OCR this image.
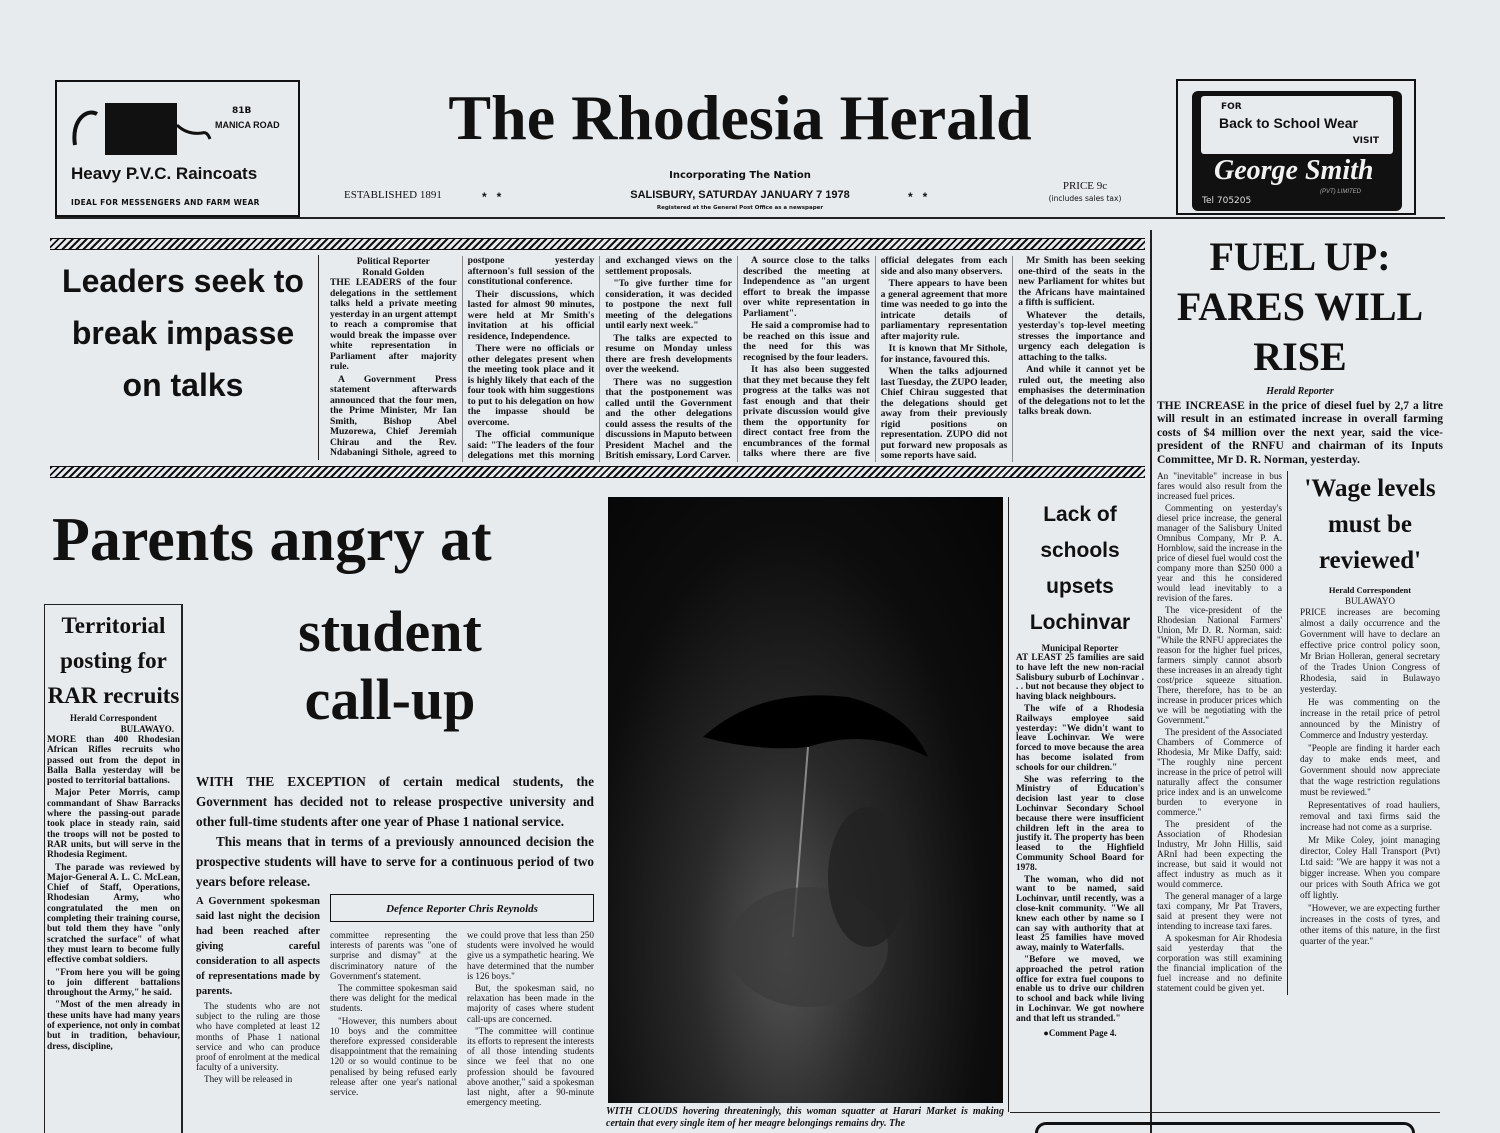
81B
MANICA ROAD
Heavy P.V.C. Raincoats
IDEAL FOR MESSENGERS AND FARM WEAR
The Rhodesia Herald
Incorporating The Nation
ESTABLISHED 1891	*   *	SALISBURY, SATURDAY JANUARY 7 1978
Registered at the General Post Office as a newspaper
*   *
PRICE 9c
(includes sales tax)
FOR
Back to School Wear
VISIT
George Smith
(PVT) LIMITED
Tel 705205
Leaders seek to break impasse on talks
Political Reporter
Ronald Golden

THE LEADERS of the four delegations in the settlement talks held a private meeting yesterday in an urgent attempt to reach a compromise that would break the impasse over white representation in Parliament after majority rule.

A Government Press statement afterwards announced that the four men, the Prime Minister, Mr Ian Smith, Bishop Abel Muzorewa, Chief Jeremiah Chirau and the Rev. Ndabaningi Sithole, agreed to postpone yesterday afternoon's full session of the constitutional conference.

Their discussions, which lasted for almost 90 minutes, were held at Mr Smith's invitation at his official residence, Independence.

There were no officials or other delegates present when the meeting took place and it is highly likely that each of the four took with him suggestions to put to his delegation on how the impasse should be overcome.

The official communique said: "The leaders of the four delegations met this morning and exchanged views on the settlement proposals.

"To give further time for consideration, it was decided to postpone the next full meeting of the delegations until early next week."

The talks are expected to resume on Monday unless there are fresh developments over the weekend.

There was no suggestion that the postponement was called until the Government and the other delegations could assess the results of the discussions in Maputo between President Machel and the British emissary, Lord Carver.

A source close to the talks described the meeting at Independence as "an urgent effort to break the impasse over white representation in Parliament".

He said a compromise had to be reached on this issue and the need for this was recognised by the four leaders.

It has also been suggested that they met because they felt progress at the talks was not fast enough and that their private discussion would give them the opportunity for direct contact free from the encumbrances of the formal talks where there are five official delegates from each side and also many observers.

There appears to have been a general agreement that more time was needed to go into the intricate details of parliamentary representation after majority rule.

It is known that Mr Sithole, for instance, favoured this.

When the talks adjourned last Tuesday, the ZUPO leader, Chief Chirau suggested that the delegations should get away from their previously rigid positions on representation. ZUPO did not put forward new proposals as some reports have said.

Mr Smith has been seeking one-third of the seats in the new Parliament for whites but the Africans have maintained a fifth is sufficient.

Whatever the details, yesterday's top-level meeting stresses the importance and urgency each delegation is attaching to the talks.

And while it cannot yet be ruled out, the meeting also emphasises the determination of the delegations not to let the talks break down.

FUEL UP: FARES WILL RISE
Herald Reporter
THE INCREASE in the price of diesel fuel by 2,7 a litre will result in an estimated increase in overall farming costs of $4 million over the next year, said the vice-president of the RNFU and chairman of its Inputs Committee, Mr D. R. Norman, yesterday.

An "inevitable" increase in bus fares would also result from the increased fuel prices.

Commenting on yesterday's diesel price increase, the general manager of the Salisbury United Omnibus Company, Mr P. A. Hornblow, said the increase in the price of diesel fuel would cost the company more than $250 000 a year and this he considered would lead inevitably to a revision of the fares.

The vice-president of the Rhodesian National Farmers' Union, Mr D. R. Norman, said: "While the RNFU appreciates the reason for the higher fuel prices, farmers simply cannot absorb these increases in an already tight cost/price squeeze situation. There, therefore, has to be an increase in producer prices which we will be negotiating with the Government."

The president of the Associated Chambers of Commerce of Rhodesia, Mr Mike Daffy, said: "The roughly nine percent increase in the price of petrol will naturally affect the consumer price index and is an unwelcome burden to everyone in commerce."

The president of the Association of Rhodesian Industry, Mr John Hillis, said ARnI had been expecting the increase, but said it would not affect industry as much as it would commerce.

The general manager of a large taxi company, Mr Pat Travers, said at present they were not intending to increase taxi fares.

A spokesman for Air Rhodesia said yesterday that the corporation was still examining the financial implication of the fuel increase and no definite statement could be given yet.

'Wage levels must be reviewed'
Herald Correspondent
BULAWAYO

PRICE increases are becoming almost a daily occurrence and the Government will have to declare an effective price control policy soon, Mr Brian Holleran, general secretary of the Trades Union Congress of Rhodesia, said in Bulawayo yesterday.

He was commenting on the increase in the retail price of petrol announced by the Ministry of Commerce and Industry yesterday.

"People are finding it harder each day to make ends meet, and Government should now appreciate that the wage restriction regulations must be reviewed."

Representatives of road hauliers, removal and taxi firms said the increase had not come as a surprise.

Mr Mike Coley, joint managing director, Coley Hall Transport (Pvt) Ltd said: "We are happy it was not a bigger increase. When you compare our prices with South Africa we got off lightly.

"However, we are expecting further increases in the costs of tyres, and other items of this nature, in the first quarter of the year."

Parents angry at
student call-up
WITH THE EXCEPTION of certain medical students, the Government has decided not to release prospective university and other full-time students after one year of Phase 1 national service.
This means that in terms of a previously announced decision the prospective students will have to serve for a continuous period of two years before release.

A Government spokesman said last night the decision had been reached after giving careful consideration to all aspects of representations made by parents.

The students who are not subject to the ruling are those who have completed at least 12 months of Phase 1 national service and who can produce proof of enrolment at the medical faculty of a university.

They will be released in

Defence Reporter Chris Reynolds

committee representing the interests of parents was "one of surprise and dismay" at the discriminatory nature of the Government's statement.

The committee spokesman said there was delight for the medical students.

"However, this numbers about 10 boys and the committee therefore expressed considerable disappointment that the remaining 120 or so would continue to be penalised by being refused early release after one year's national service.

we could prove that less than 250 students were involved he would give us a sympathetic hearing. We have determined that the number is 126 boys."

But, the spokesman said, no relaxation has been made in the majority of cases where student call-ups are concerned.

"The committee will continue its efforts to represent the interests of all those intending students since we feel that no one profession should be favoured above another," said a spokesman last night, after a 90-minute emergency meeting.

Territorial posting for RAR recruits
Herald Correspondent
BULAWAYO.

MORE than 400 Rhodesian African Rifles recruits who passed out from the depot in Balla Balla yesterday will be posted to territorial battalions.

Major Peter Morris, camp commandant of Shaw Barracks where the passing-out parade took place in steady rain, said the troops will not be posted to RAR units, but will serve in the Rhodesia Regiment.

The parade was reviewed by Major-General A. L. C. McLean, Chief of Staff, Operations, Rhodesian Army, who congratulated the men on completing their training course, but told them they have "only scratched the surface" of what they must learn to become fully effective combat soldiers.

"From here you will be going to join different battalions throughout the Army," he said.

"Most of the men already in these units have had many years of experience, not only in combat but in tradition, behaviour, dress, discipline,

WITH CLOUDS hovering threateningly, this woman squatter at Harari Market is making certain that every single item of her meagre belongings remains dry. The
Lack of schools upsets Lochinvar
Municipal Reporter

AT LEAST 25 families are said to have left the new non-racial Salisbury suburb of Lochinvar . . . but not because they object to having black neighbours.

The wife of a Rhodesia Railways employee said yesterday: "We didn't want to leave Lochinvar. We were forced to move because the area has become isolated from schools for our children."

She was referring to the Ministry of Education's decision last year to close Lochinvar Secondary School because there were insufficient children left in the area to justify it. The property has been leased to the Highfield Community School Board for 1978.

The woman, who did not want to be named, said Lochinvar, until recently, was a close-knit community. "We all knew each other by name so I can say with authority that at least 25 families have moved away, mainly to Waterfalls.

"Before we moved, we approached the petrol ration office for extra fuel coupons to enable us to drive our children to school and back while living in Lochinvar. We got nowhere and that left us stranded."

●Comment Page 4.
